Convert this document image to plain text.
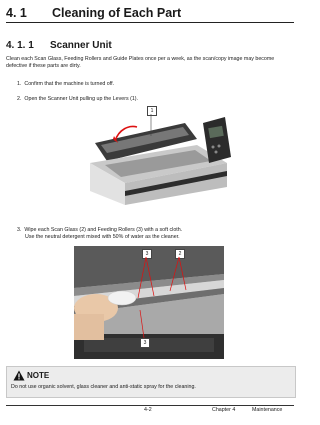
4. 1 Cleaning of Each Part
4. 1. 1 Scanner Unit
Clean each Scan Glass, Feeding Rollers and Guide Plates once per a week, as the scan/copy image may become defective if these parts are dirty.
1. Confirm that the machine is turned off.
2. Open the Scanner Unit pulling up the Levers (1).
1
3. Wipe each Scan Glass (2) and Feeding Rollers (3) with a soft cloth.
Use the neutral detergent mixed with 50% of water as the cleaner.
3	2
3
NOTE
Do not use organic solvent, glass cleaner and anti-static spray for the cleaning.
4-2	Chapter 4	Maintenance
